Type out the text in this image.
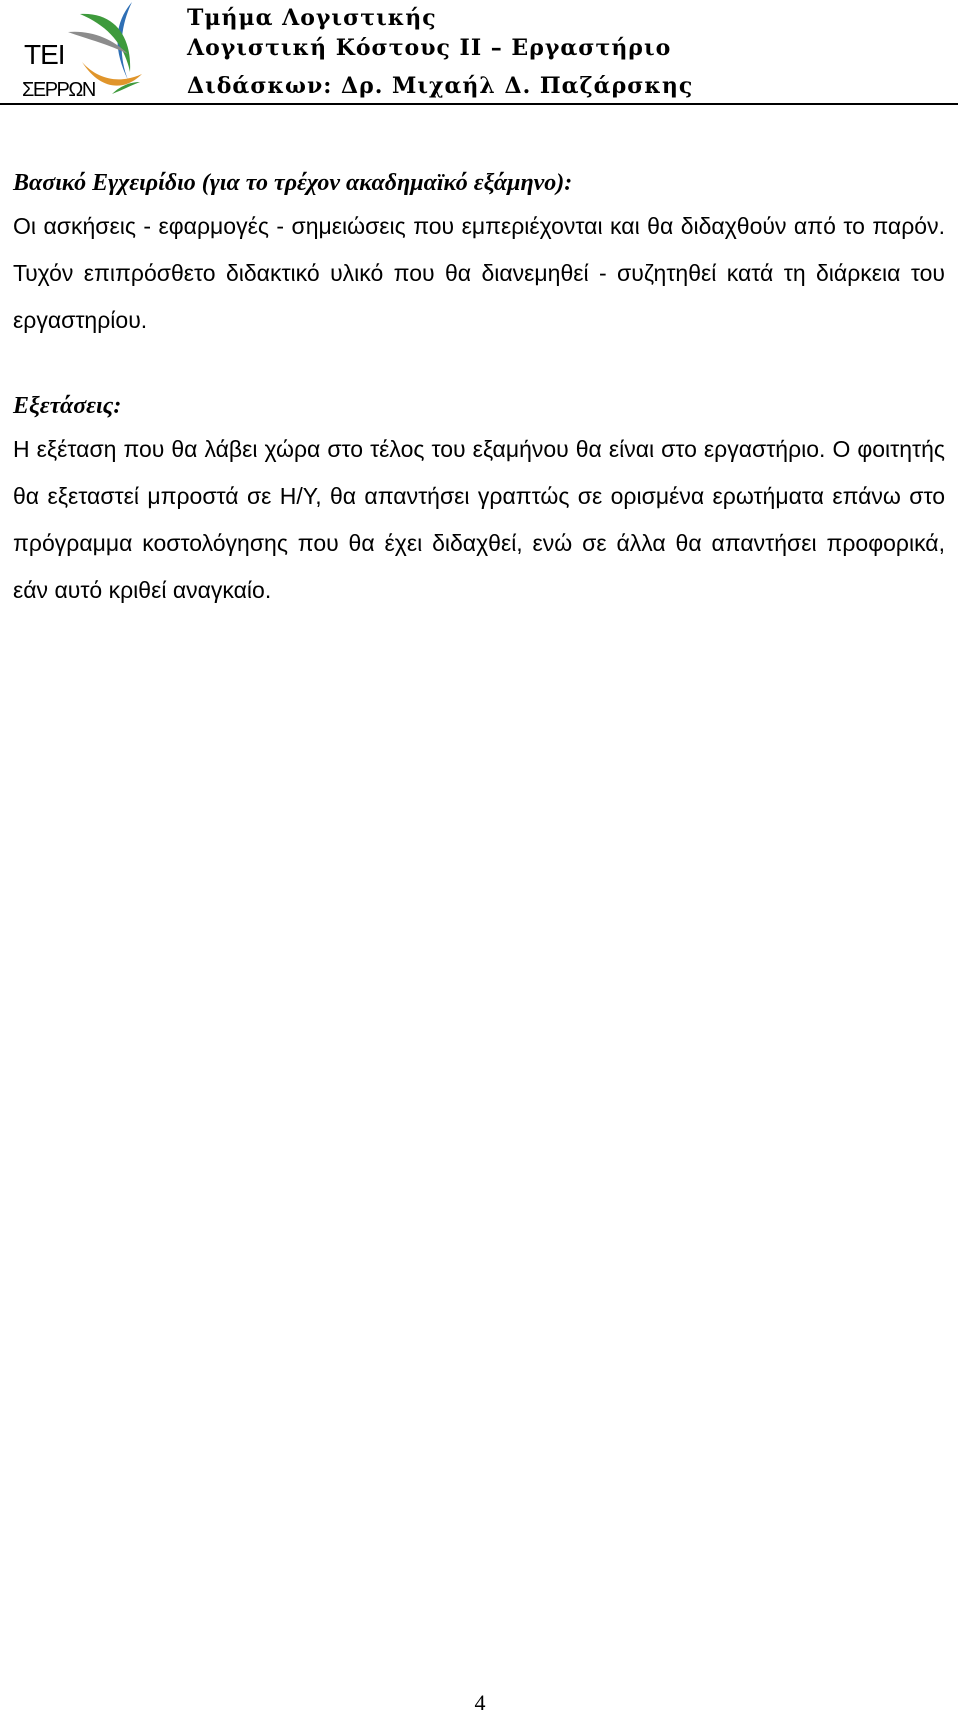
ΤΕΙ
ΣΕΡΡΩΝ
Τμήμα Λογιστικής
Λογιστική Κόστους ΙΙ – Εργαστήριο
Διδάσκων: Δρ. Μιχαήλ Δ. Παζάρσκης
Βασικό Εγχειρίδιο (για το τρέχον ακαδημαϊκό εξάμηνο):

Οι ασκήσεις - εφαρμογές - σημειώσεις που εμπεριέχονται και θα διδαχθούν από το παρόν. Τυχόν επιπρόσθετο διδακτικό υλικό που θα διανεμηθεί - συζητηθεί κατά τη διάρκεια του εργαστηρίου.

Εξετάσεις:

Η εξέταση που θα λάβει χώρα στο τέλος του εξαμήνου θα είναι στο εργαστήριο. Ο φοιτητής θα εξεταστεί μπροστά σε Η/Υ, θα απαντήσει γραπτώς σε ορισμένα ερωτήματα επάνω στο πρόγραμμα κοστολόγησης που θα έχει διδαχθεί, ενώ σε άλλα θα απαντήσει προφορικά, εάν αυτό κριθεί αναγκαίο.

4
